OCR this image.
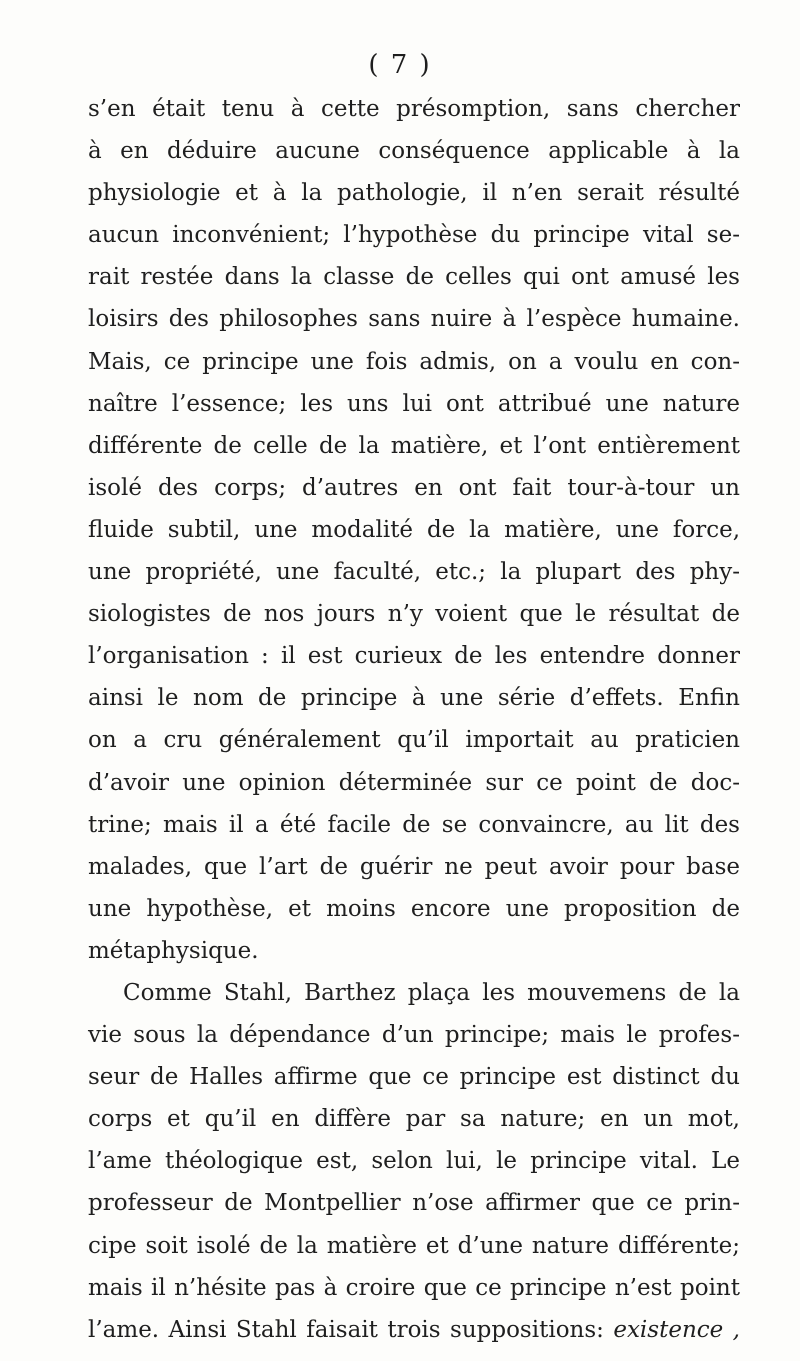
( 7 )
s’en était tenu à cette présomption, sans chercher
à en déduire aucune conséquence applicable à la
physiologie et à la pathologie, il n’en serait résulté
aucun inconvénient; l’hypothèse du principe vital se-
rait restée dans la classe de celles qui ont amusé les
loisirs des philosophes sans nuire à l’espèce humaine.
Mais, ce principe une fois admis, on a voulu en con-
naître l’essence; les uns lui ont attribué une nature
différente de celle de la matière, et l’ont entièrement
isolé des corps; d’autres en ont fait tour-à-tour un
fluide subtil, une modalité de la matière, une force,
une propriété, une faculté, etc.; la plupart des phy-
siologistes de nos jours n’y voient que le résultat de
l’organisation : il est curieux de les entendre donner
ainsi le nom de principe à une série d’effets. Enfin
on a cru généralement qu’il importait au praticien
d’avoir une opinion déterminée sur ce point de doc-
trine; mais il a été facile de se convaincre, au lit des
malades, que l’art de guérir ne peut avoir pour base
une hypothèse, et moins encore une proposition de
métaphysique.
Comme Stahl, Barthez plaça les mouvemens de la
vie sous la dépendance d’un principe; mais le profes-
seur de Halles affirme que ce principe est distinct du
corps et qu’il en diffère par sa nature; en un mot,
l’ame théologique est, selon lui, le principe vital. Le
professeur de Montpellier n’ose affirmer que ce prin-
cipe soit isolé de la matière et d’une nature différente;
mais il n’hésite pas à croire que ce principe n’est point
l’ame. Ainsi Stahl faisait trois suppositions: existence ,
